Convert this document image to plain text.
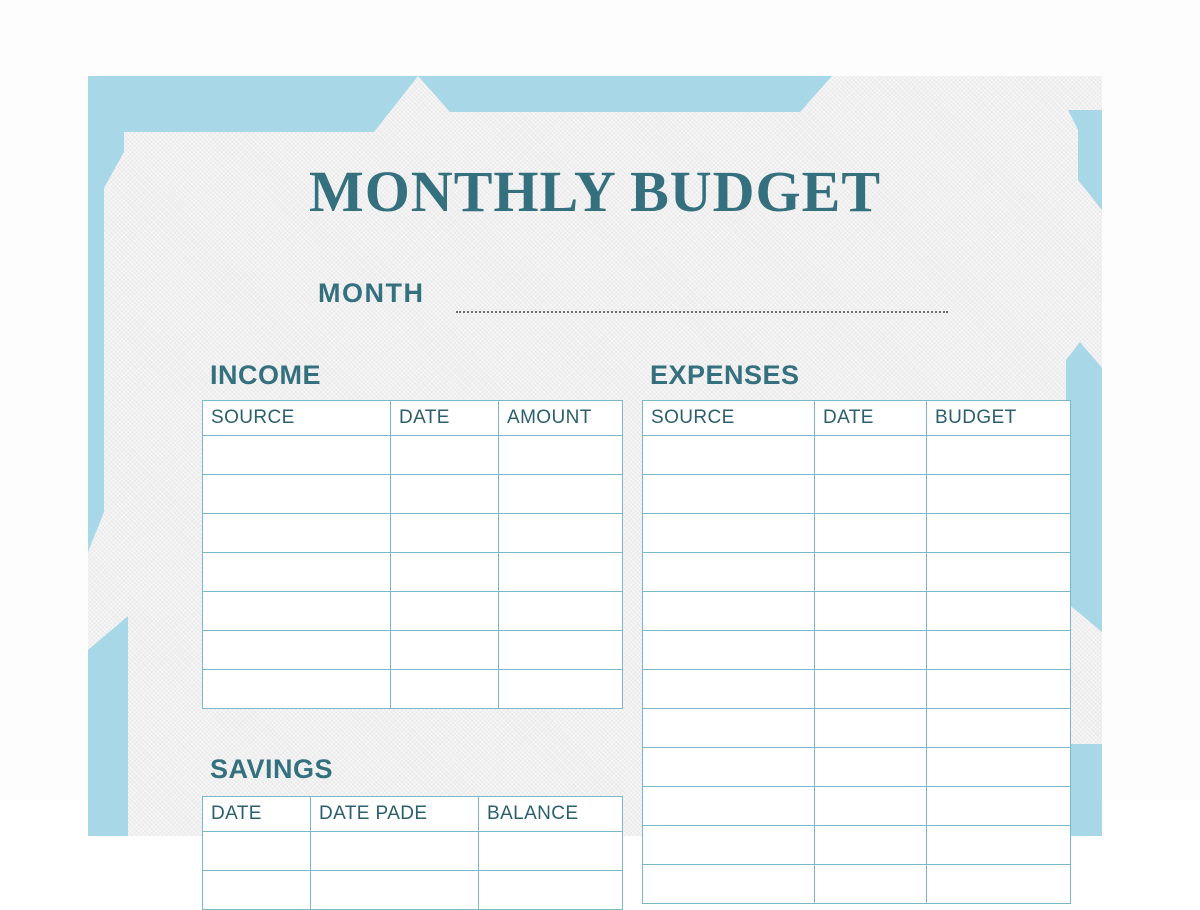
MONTHLY BUDGET
MONTH
INCOME
SOURCE	DATE	AMOUNT

EXPENSES
SOURCE	DATE	BUDGET

SAVINGS
DATE	DATE PADE	BALANCE
